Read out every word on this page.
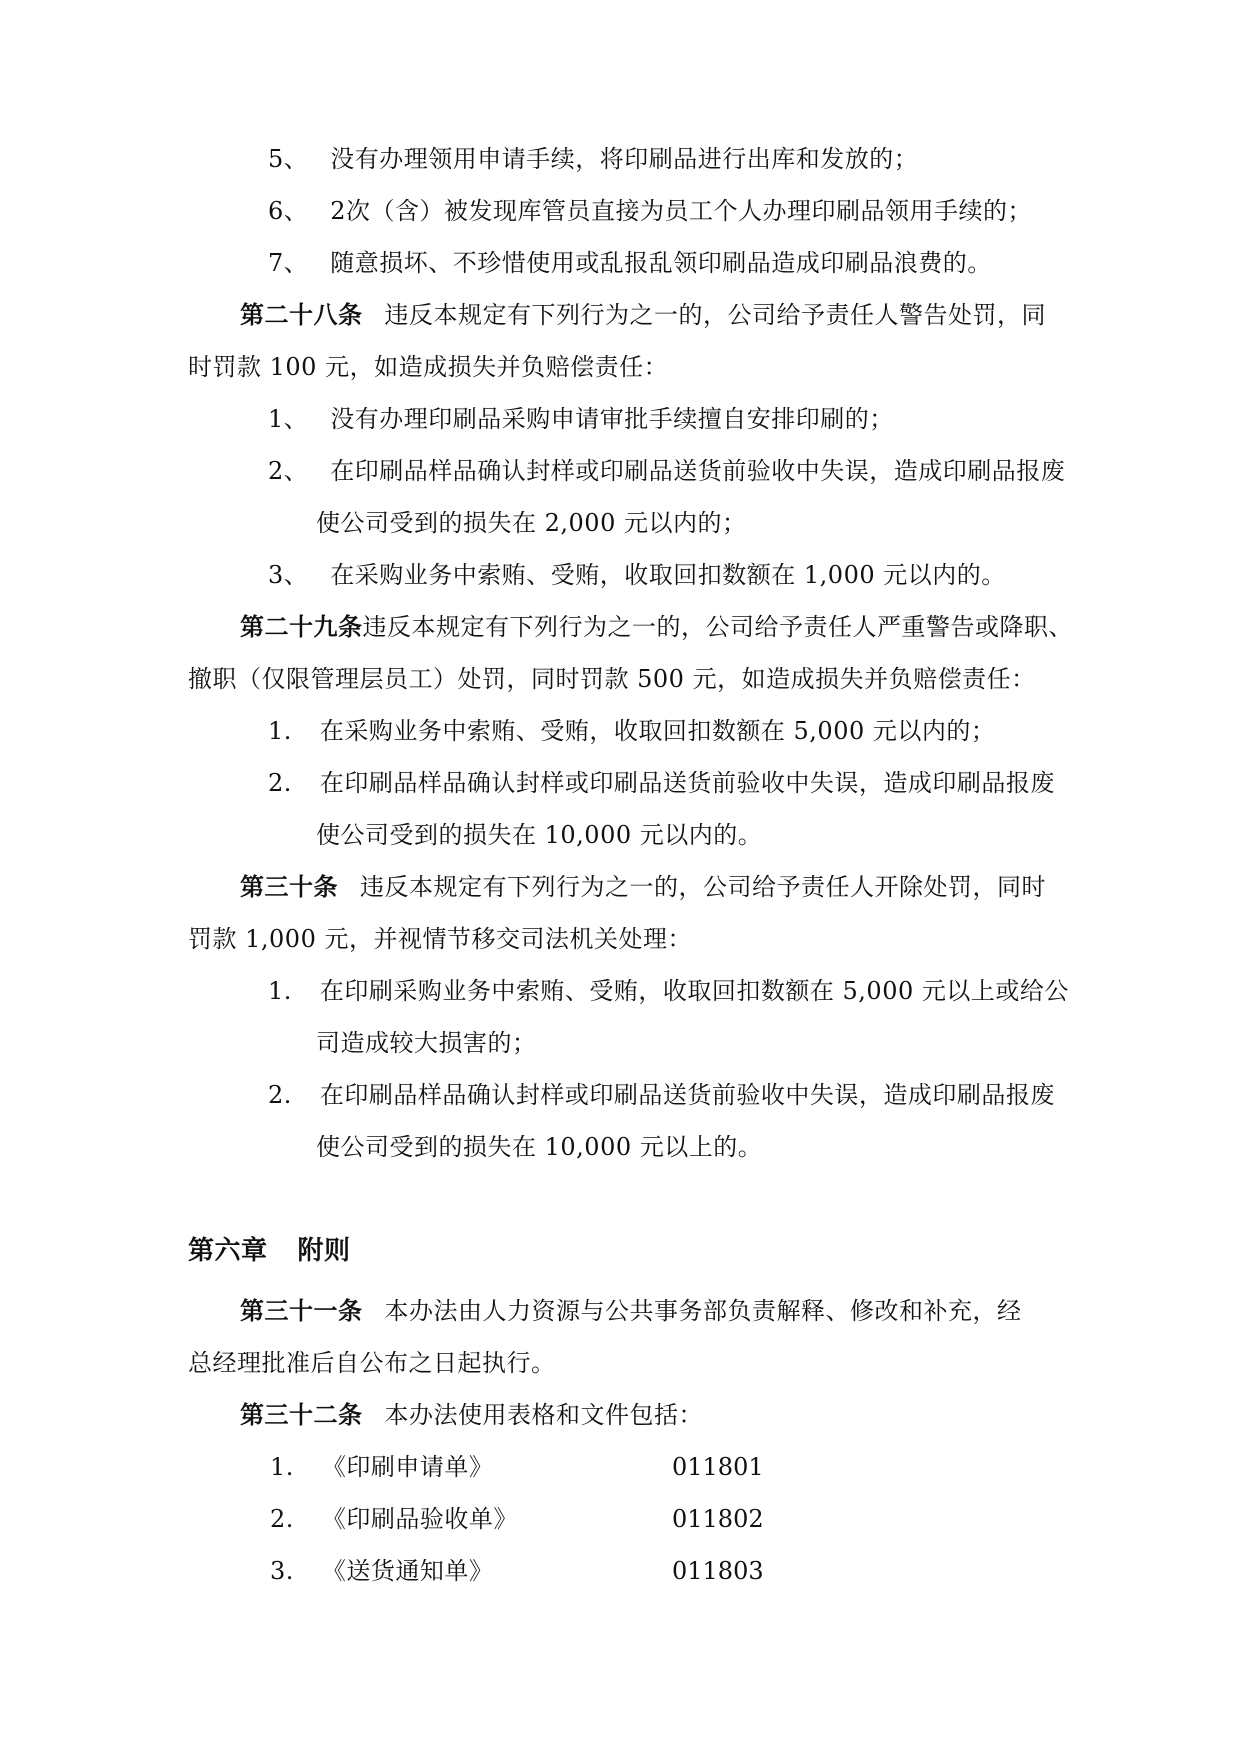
5、 没有办理领用申请手续，将印刷品进行出库和发放的；
6、 2次（含）被发现库管员直接为员工个人办理印刷品领用手续的；
7、 随意损坏、不珍惜使用或乱报乱领印刷品造成印刷品浪费的。
第二十八条 违反本规定有下列行为之一的，公司给予责任人警告处罚，同
时罚款 100 元，如造成损失并负赔偿责任：
1、 没有办理印刷品采购申请审批手续擅自安排印刷的；
2、 在印刷品样品确认封样或印刷品送货前验收中失误，造成印刷品报废
使公司受到的损失在 2,000 元以内的；
3、 在采购业务中索贿、受贿，收取回扣数额在 1,000 元以内的。
第二十九条违反本规定有下列行为之一的，公司给予责任人严重警告或降职、
撤职（仅限管理层员工）处罚，同时罚款 500 元，如造成损失并负赔偿责任：
1. 在采购业务中索贿、受贿，收取回扣数额在 5,000 元以内的；
2. 在印刷品样品确认封样或印刷品送货前验收中失误，造成印刷品报废
使公司受到的损失在 10,000 元以内的。
第三十条 违反本规定有下列行为之一的，公司给予责任人开除处罚，同时
罚款 1,000 元，并视情节移交司法机关处理：
1. 在印刷采购业务中索贿、受贿，收取回扣数额在 5,000 元以上或给公
司造成较大损害的；
2. 在印刷品样品确认封样或印刷品送货前验收中失误，造成印刷品报废
使公司受到的损失在 10,000 元以上的。
第六章 附则
第三十一条 本办法由人力资源与公共事务部负责解释、修改和补充，经
总经理批准后自公布之日起执行。
第三十二条 本办法使用表格和文件包括：
1. 《印刷申请单》	011801
2. 《印刷品验收单》	011802
3. 《送货通知单》	011803
